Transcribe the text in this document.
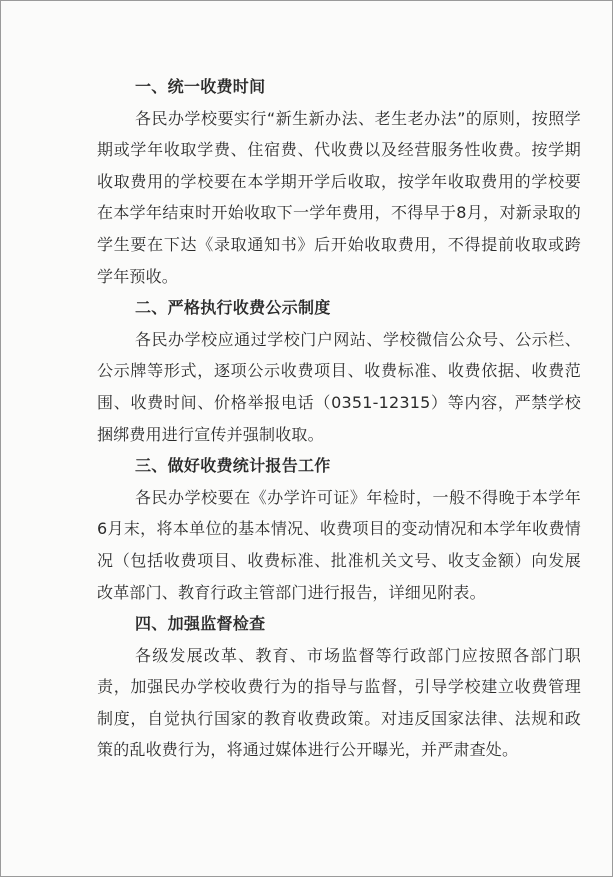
一、统一收费时间

各民办学校要实行“新生新办法、老生老办法”的原则，按照学期或学年收取学费、住宿费、代收费以及经营服务性收费。按学期收取费用的学校要在本学期开学后收取，按学年收取费用的学校要在本学年结束时开始收取下一学年费用，不得早于8月，对新录取的学生要在下达《录取通知书》后开始收取费用，不得提前收取或跨学年预收。

二、严格执行收费公示制度

各民办学校应通过学校门户网站、学校微信公众号、公示栏、公示牌等形式，逐项公示收费项目、收费标准、收费依据、收费范围、收费时间、价格举报电话（0351-12315）等内容，严禁学校捆绑费用进行宣传并强制收取。

三、做好收费统计报告工作

各民办学校要在《办学许可证》年检时，一般不得晚于本学年6月末，将本单位的基本情况、收费项目的变动情况和本学年收费情况（包括收费项目、收费标准、批准机关文号、收支金额）向发展改革部门、教育行政主管部门进行报告，详细见附表。

四、加强监督检查

各级发展改革、教育、市场监督等行政部门应按照各部门职责，加强民办学校收费行为的指导与监督，引导学校建立收费管理制度，自觉执行国家的教育收费政策。对违反国家法律、法规和政策的乱收费行为，将通过媒体进行公开曝光，并严肃查处。
